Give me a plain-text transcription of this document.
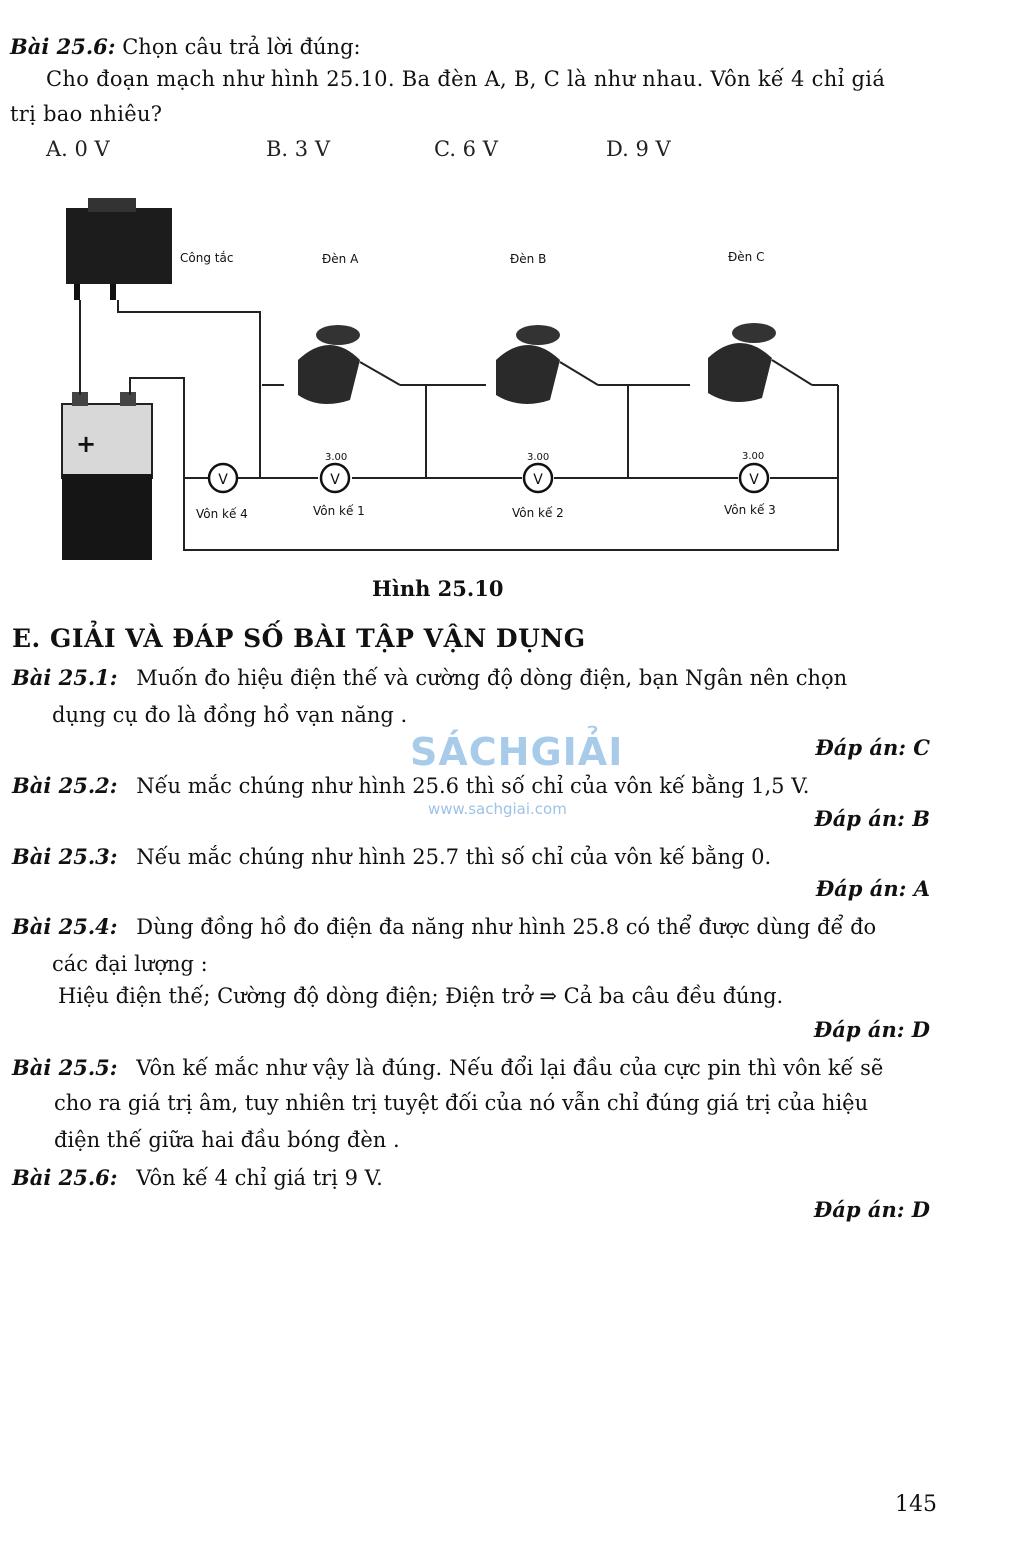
Bài 25.6: Chọn câu trả lời đúng:
Cho đoạn mạch như hình 25.10. Ba đèn A, B, C là như nhau. Vôn kế 4 chỉ giá
trị bao nhiêu?
A. 0 V	B. 3 V	C. 6 V	D. 9 V
+
V	V	V	V
Công tắc	Đèn A	Đèn B	Đèn C
3.00	3.00	3.00
Vôn kế 4	Vôn kế 1	Vôn kế 2	Vôn kế 3
Hình 25.10
E. GIẢI VÀ ĐÁP SỐ BÀI TẬP VẬN DỤNG
SÁCHGIẢI
www.sachgiai.com
Bài 25.1: Muốn đo hiệu điện thế và cường độ dòng điện, bạn Ngân nên chọn
dụng cụ đo là đồng hồ vạn năng .
Đáp án: C
Bài 25.2: Nếu mắc chúng như hình 25.6 thì số chỉ của vôn kế bằng 1,5 V.
Đáp án: B
Bài 25.3: Nếu mắc chúng như hình 25.7 thì số chỉ của vôn kế bằng 0.
Đáp án: A
Bài 25.4: Dùng đồng hồ đo điện đa năng như hình 25.8 có thể được dùng để đo
các đại lượng :
Hiệu điện thế; Cường độ dòng điện; Điện trở ⇒ Cả ba câu đều đúng.
Đáp án: D
Bài 25.5: Vôn kế mắc như vậy là đúng. Nếu đổi lại đầu của cực pin thì vôn kế sẽ
cho ra giá trị âm, tuy nhiên trị tuyệt đối của nó vẫn chỉ đúng giá trị của hiệu
điện thế giữa hai đầu bóng đèn .
Bài 25.6: Vôn kế 4 chỉ giá trị 9 V.
Đáp án: D
145
